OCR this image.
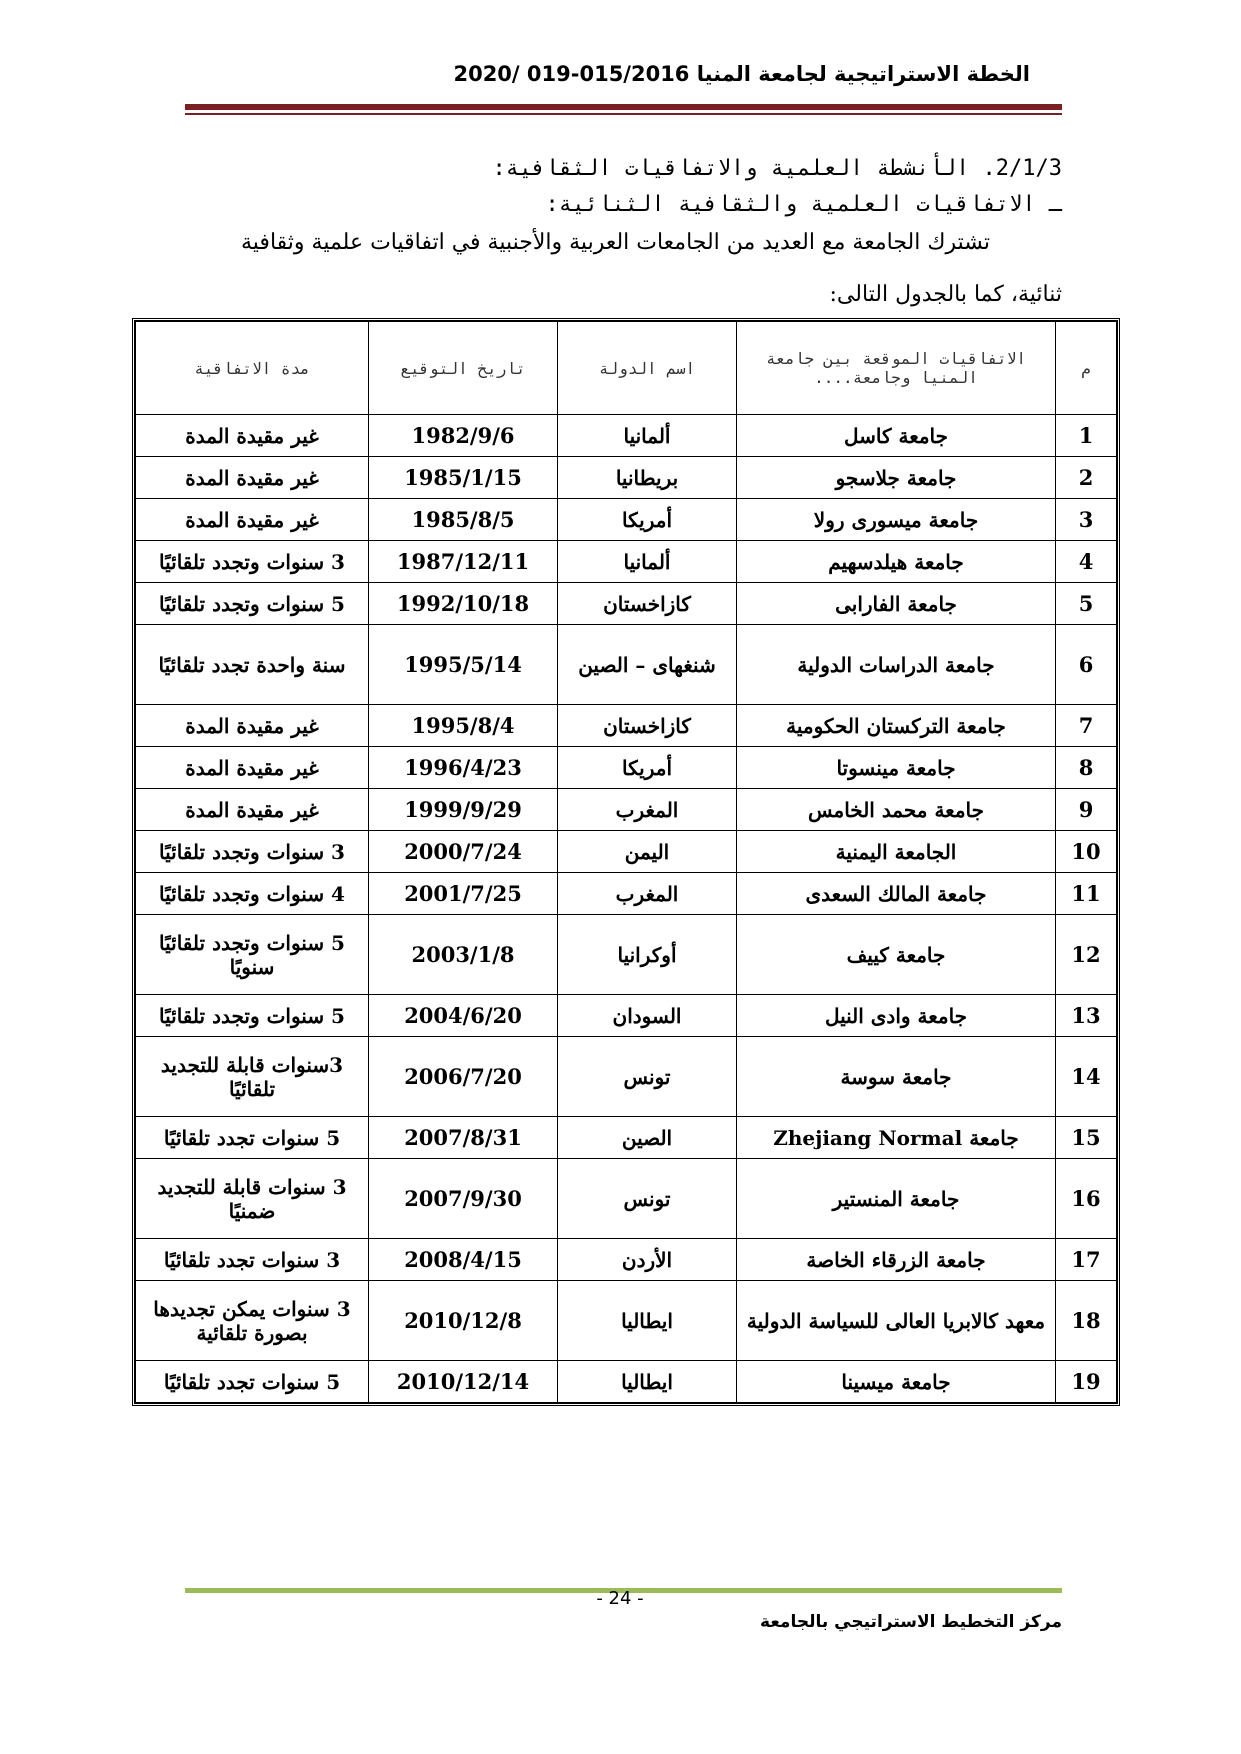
الخطة الاستراتيجية لجامعة المنيا 015/2016-019 /2020
2/1/3. الأنشطة العلمية والاتفاقيات الثقافية:
ـ الاتفاقيات العلمية والثقافية الثنائية:
تشترك الجامعة مع العديد من الجامعات العربية والأجنبية في اتفاقيات علمية وثقافية
ثنائية، كما بالجدول التالى:
م	الاتفاقيات الموقعة بين جامعة المنيا وجامعة....	اسم الدولة	تاريخ التوقيع	مدة الاتفاقية
1	جامعة كاسل	ألمانيا	1982/9/6	غير مقيدة المدة
2	جامعة جلاسجو	بريطانيا	1985/1/15	غير مقيدة المدة
3	جامعة ميسورى رولا	أمريكا	1985/8/5	غير مقيدة المدة
4	جامعة هيلدسهيم	ألمانيا	1987/12/11	3 سنوات وتجدد تلقائيًا
5	جامعة الفارابى	كازاخستان	1992/10/18	5 سنوات وتجدد تلقائيًا
6	جامعة الدراسات الدولية	شنغهاى – الصين	1995/5/14	سنة واحدة تجدد تلقائيًا
7	جامعة التركستان الحكومية	كازاخستان	1995/8/4	غير مقيدة المدة
8	جامعة مينسوتا	أمريكا	1996/4/23	غير مقيدة المدة
9	جامعة محمد الخامس	المغرب	1999/9/29	غير مقيدة المدة
10	الجامعة اليمنية	اليمن	2000/7/24	3 سنوات وتجدد تلقائيًا
11	جامعة المالك السعدى	المغرب	2001/7/25	4 سنوات وتجدد تلقائيًا
12	جامعة كييف	أوكرانيا	2003/1/8	5 سنوات وتجدد تلقائيًا سنويًا
13	جامعة وادى النيل	السودان	2004/6/20	5 سنوات وتجدد تلقائيًا
14	جامعة سوسة	تونس	2006/7/20	3سنوات قابلة للتجديد تلقائيًا
15	جامعة Zhejiang Normal	الصين	2007/8/31	5 سنوات تجدد تلقائيًا
16	جامعة المنستير	تونس	2007/9/30	3 سنوات قابلة للتجديد ضمنيًا
17	جامعة الزرقاء الخاصة	الأردن	2008/4/15	3 سنوات تجدد تلقائيًا
18	معهد كالابريا العالى للسياسة الدولية	ايطاليا	2010/12/8	3 سنوات يمكن تجديدها بصورة تلقائية
19	جامعة ميسينا	ايطاليا	2010/12/14	5 سنوات تجدد تلقائيًا
- 24 -
مركز التخطيط الاستراتيجي بالجامعة
